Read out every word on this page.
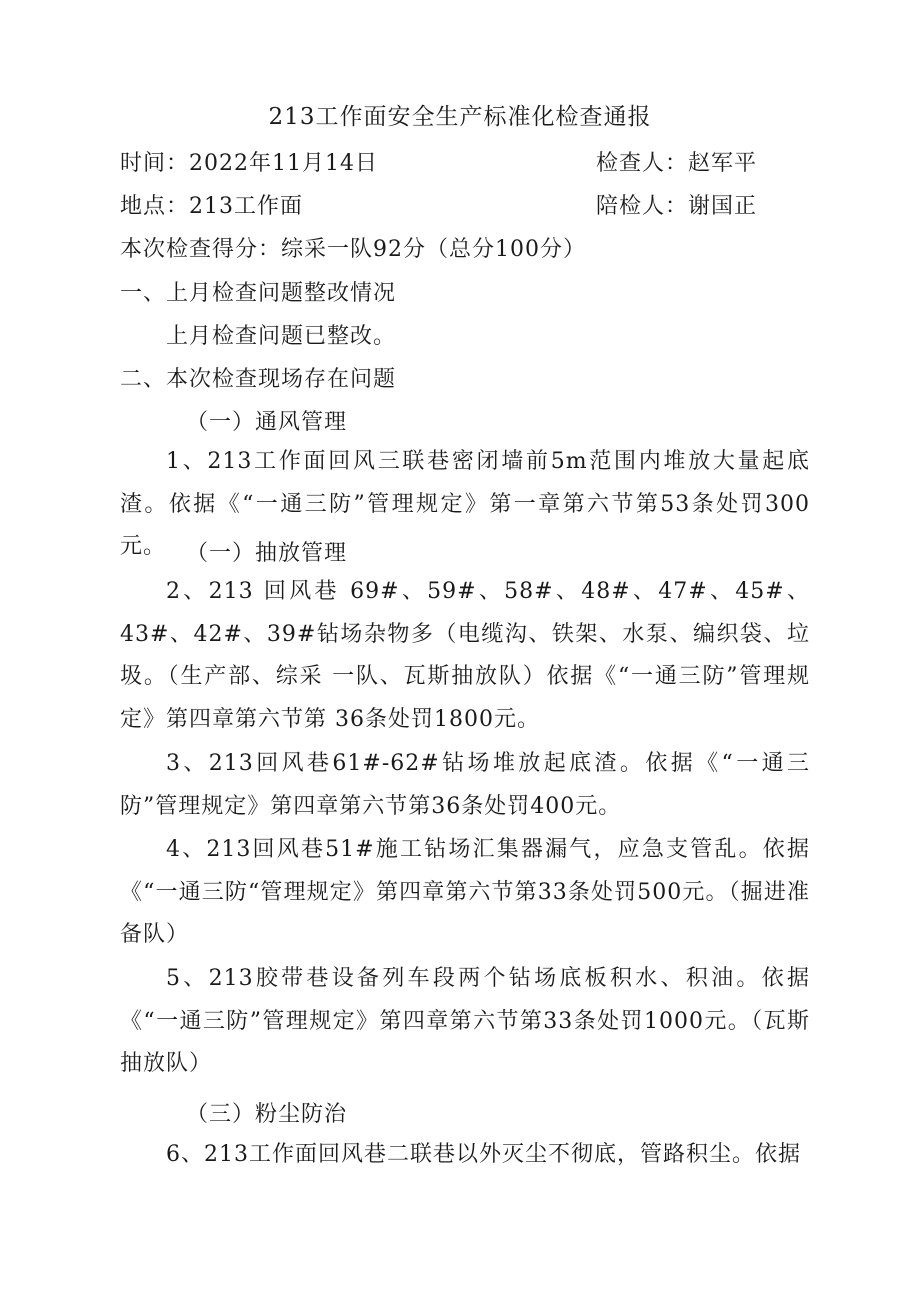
213工作面安全生产标准化检查通报
时间：2022年11月14日	检查人：赵军平
地点：213工作面	陪检人：谢国正
本次检查得分：综采一队92分（总分100分）
一、上月检查问题整改情况
上月检查问题已整改。
二、本次检查现场存在问题
（一）通风管理
1、213工作面回风三联巷密闭墙前5m范围内堆放大量起底渣。依据《“一通三防”管理规定》第一章第六节第53条处罚300元。 （一）抽放管理
2、213 回风巷 69#、59#、58#、48#、47#、45#、43#、42#、39#钻场杂物多（电缆沟、铁架、水泵、编织袋、垃圾。（生产部、综采 一队、瓦斯抽放队）依据《“一通三防”管理规定》第四章第六节第 36条处罚1800元。
3、213回风巷61#-62#钻场堆放起底渣。依据《“一通三防”管理规定》第四章第六节第36条处罚400元。
4、213回风巷51#施工钻场汇集器漏气，应急支管乱。依据《“一通三防“管理规定》第四章第六节第33条处罚500元。（掘进准备队）
5、213胶带巷设备列车段两个钻场底板积水、积油。依据《“一通三防”管理规定》第四章第六节第33条处罚1000元。（瓦斯抽放队）
（三）粉尘防治
6、213工作面回风巷二联巷以外灭尘不彻底，管路积尘。依据
